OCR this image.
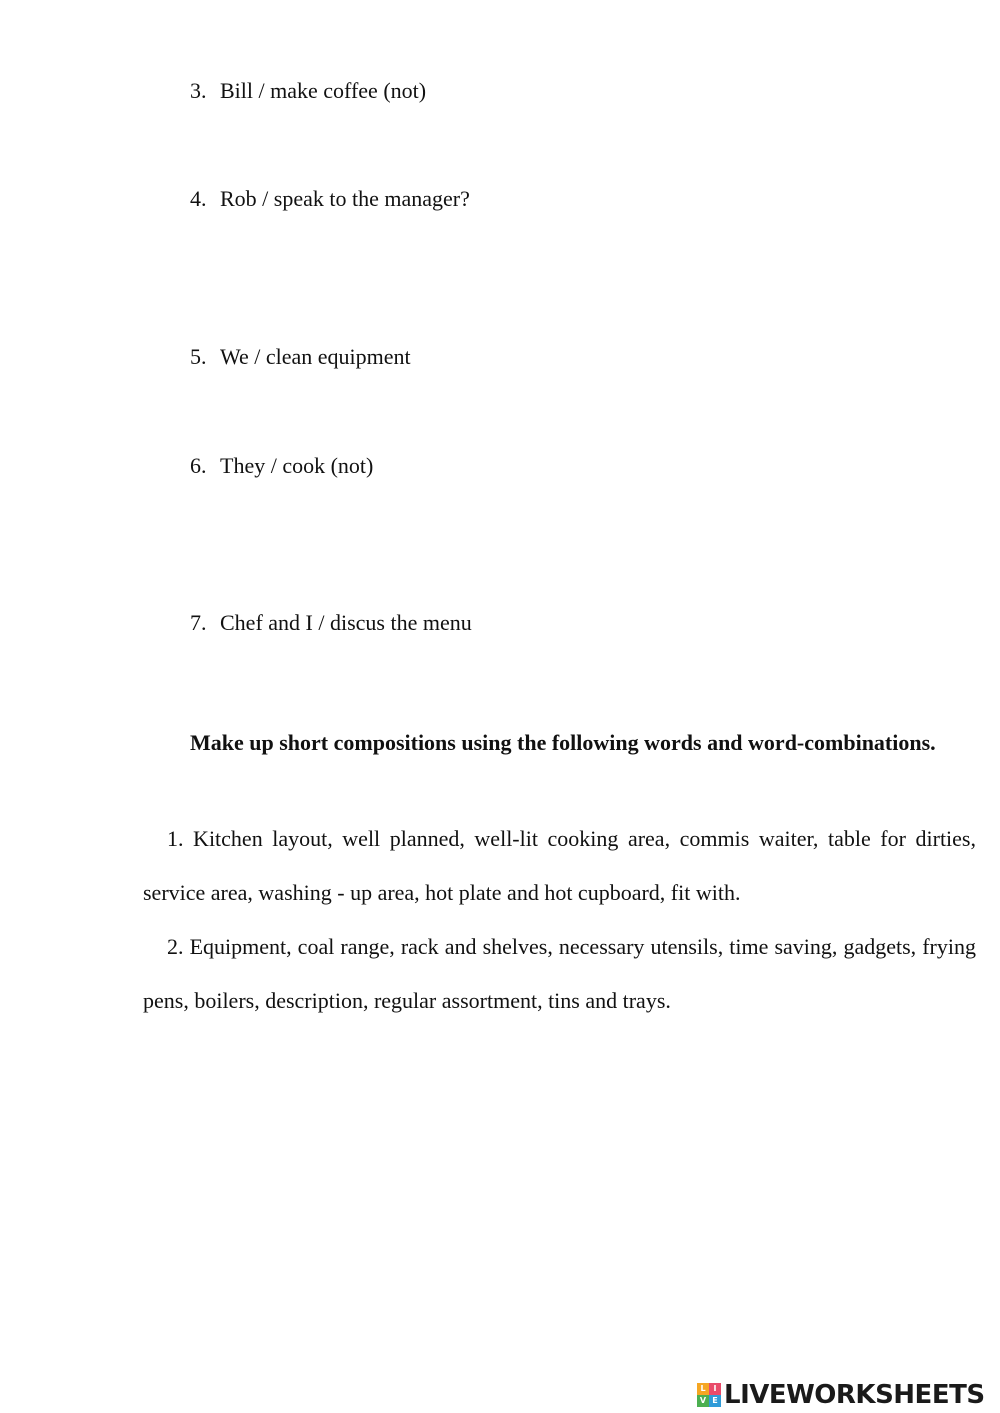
3. Bill / make coffee (not)
4. Rob / speak to the manager?
5. We / clean equipment
6. They / cook (not)
7. Chef and I / discus the menu

Make up short compositions using the following words and word-combinations.

1. Kitchen layout, well planned, well-lit cooking area, commis waiter, table for dirties, service area, washing - up area, hot plate and hot cupboard, fit with.

2. Equipment, coal range, rack and shelves, necessary utensils, time saving, gadgets, frying pens, boilers, description, regular assortment, tins and trays.

L I
V E LIVEWORKSHEETS
